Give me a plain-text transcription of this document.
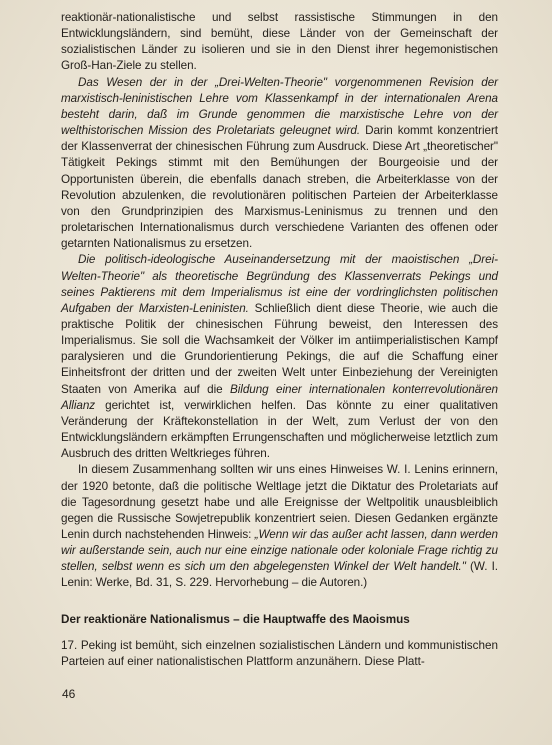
reaktionär-nationalistische und selbst rassistische Stimmungen in den Entwicklungsländern, sind bemüht, diese Länder von der Gemeinschaft der sozialistischen Länder zu isolieren und sie in den Dienst ihrer hegemonistischen Groß-Han-Ziele zu stellen.

Das Wesen der in der „Drei-Welten-Theorie" vorgenommenen Revision der marxistisch-leninistischen Lehre vom Klassenkampf in der internationalen Arena besteht darin, daß im Grunde genommen die marxistische Lehre von der welthistorischen Mission des Proletariats geleugnet wird. Darin kommt konzentriert der Klassenverrat der chinesischen Führung zum Ausdruck. Diese Art „theoretischer" Tätigkeit Pekings stimmt mit den Bemühungen der Bourgeoisie und der Opportunisten überein, die ebenfalls danach streben, die Arbeiterklasse von der Revolution abzulenken, die revolutionären politischen Parteien der Arbeiterklasse von den Grundprinzipien des Marxismus-Leninismus zu trennen und den proletarischen Internationalismus durch verschiedene Varianten des offenen oder getarnten Nationalismus zu ersetzen.

Die politisch-ideologische Auseinandersetzung mit der maoistischen „Drei-Welten-Theorie" als theoretische Begründung des Klassenverrats Pekings und seines Paktierens mit dem Imperialismus ist eine der vordringlichsten politischen Aufgaben der Marxisten-Leninisten. Schließlich dient diese Theorie, wie auch die praktische Politik der chinesischen Führung beweist, den Interessen des Imperialismus. Sie soll die Wachsamkeit der Völker im antiimperialistischen Kampf paralysieren und die Grundorientierung Pekings, die auf die Schaffung einer Einheitsfront der dritten und der zweiten Welt unter Einbeziehung der Vereinigten Staaten von Amerika auf die Bildung einer internationalen konterrevolutionären Allianz gerichtet ist, verwirklichen helfen. Das könnte zu einer qualitativen Veränderung der Kräftekonstellation in der Welt, zum Verlust der von den Entwicklungsländern erkämpften Errungenschaften und möglicherweise letztlich zum Ausbruch des dritten Weltkrieges führen.

In diesem Zusammenhang sollten wir uns eines Hinweises W. I. Lenins erinnern, der 1920 betonte, daß die politische Weltlage jetzt die Diktatur des Proletariats auf die Tagesordnung gesetzt habe und alle Ereignisse der Weltpolitik unausbleiblich gegen die Russische Sowjetrepublik konzentriert seien. Diesen Gedanken ergänzte Lenin durch nachstehenden Hinweis: „Wenn wir das außer acht lassen, dann werden wir außerstande sein, auch nur eine einzige nationale oder koloniale Frage richtig zu stellen, selbst wenn es sich um den abgelegensten Winkel der Welt handelt." (W. I. Lenin: Werke, Bd. 31, S. 229. Hervorhebung – die Autoren.)

Der reaktionäre Nationalismus – die Hauptwaffe des Maoismus
17. Peking ist bemüht, sich einzelnen sozialistischen Ländern und kommunistischen Parteien auf einer nationalistischen Plattform anzunähern. Diese Platt-
46
